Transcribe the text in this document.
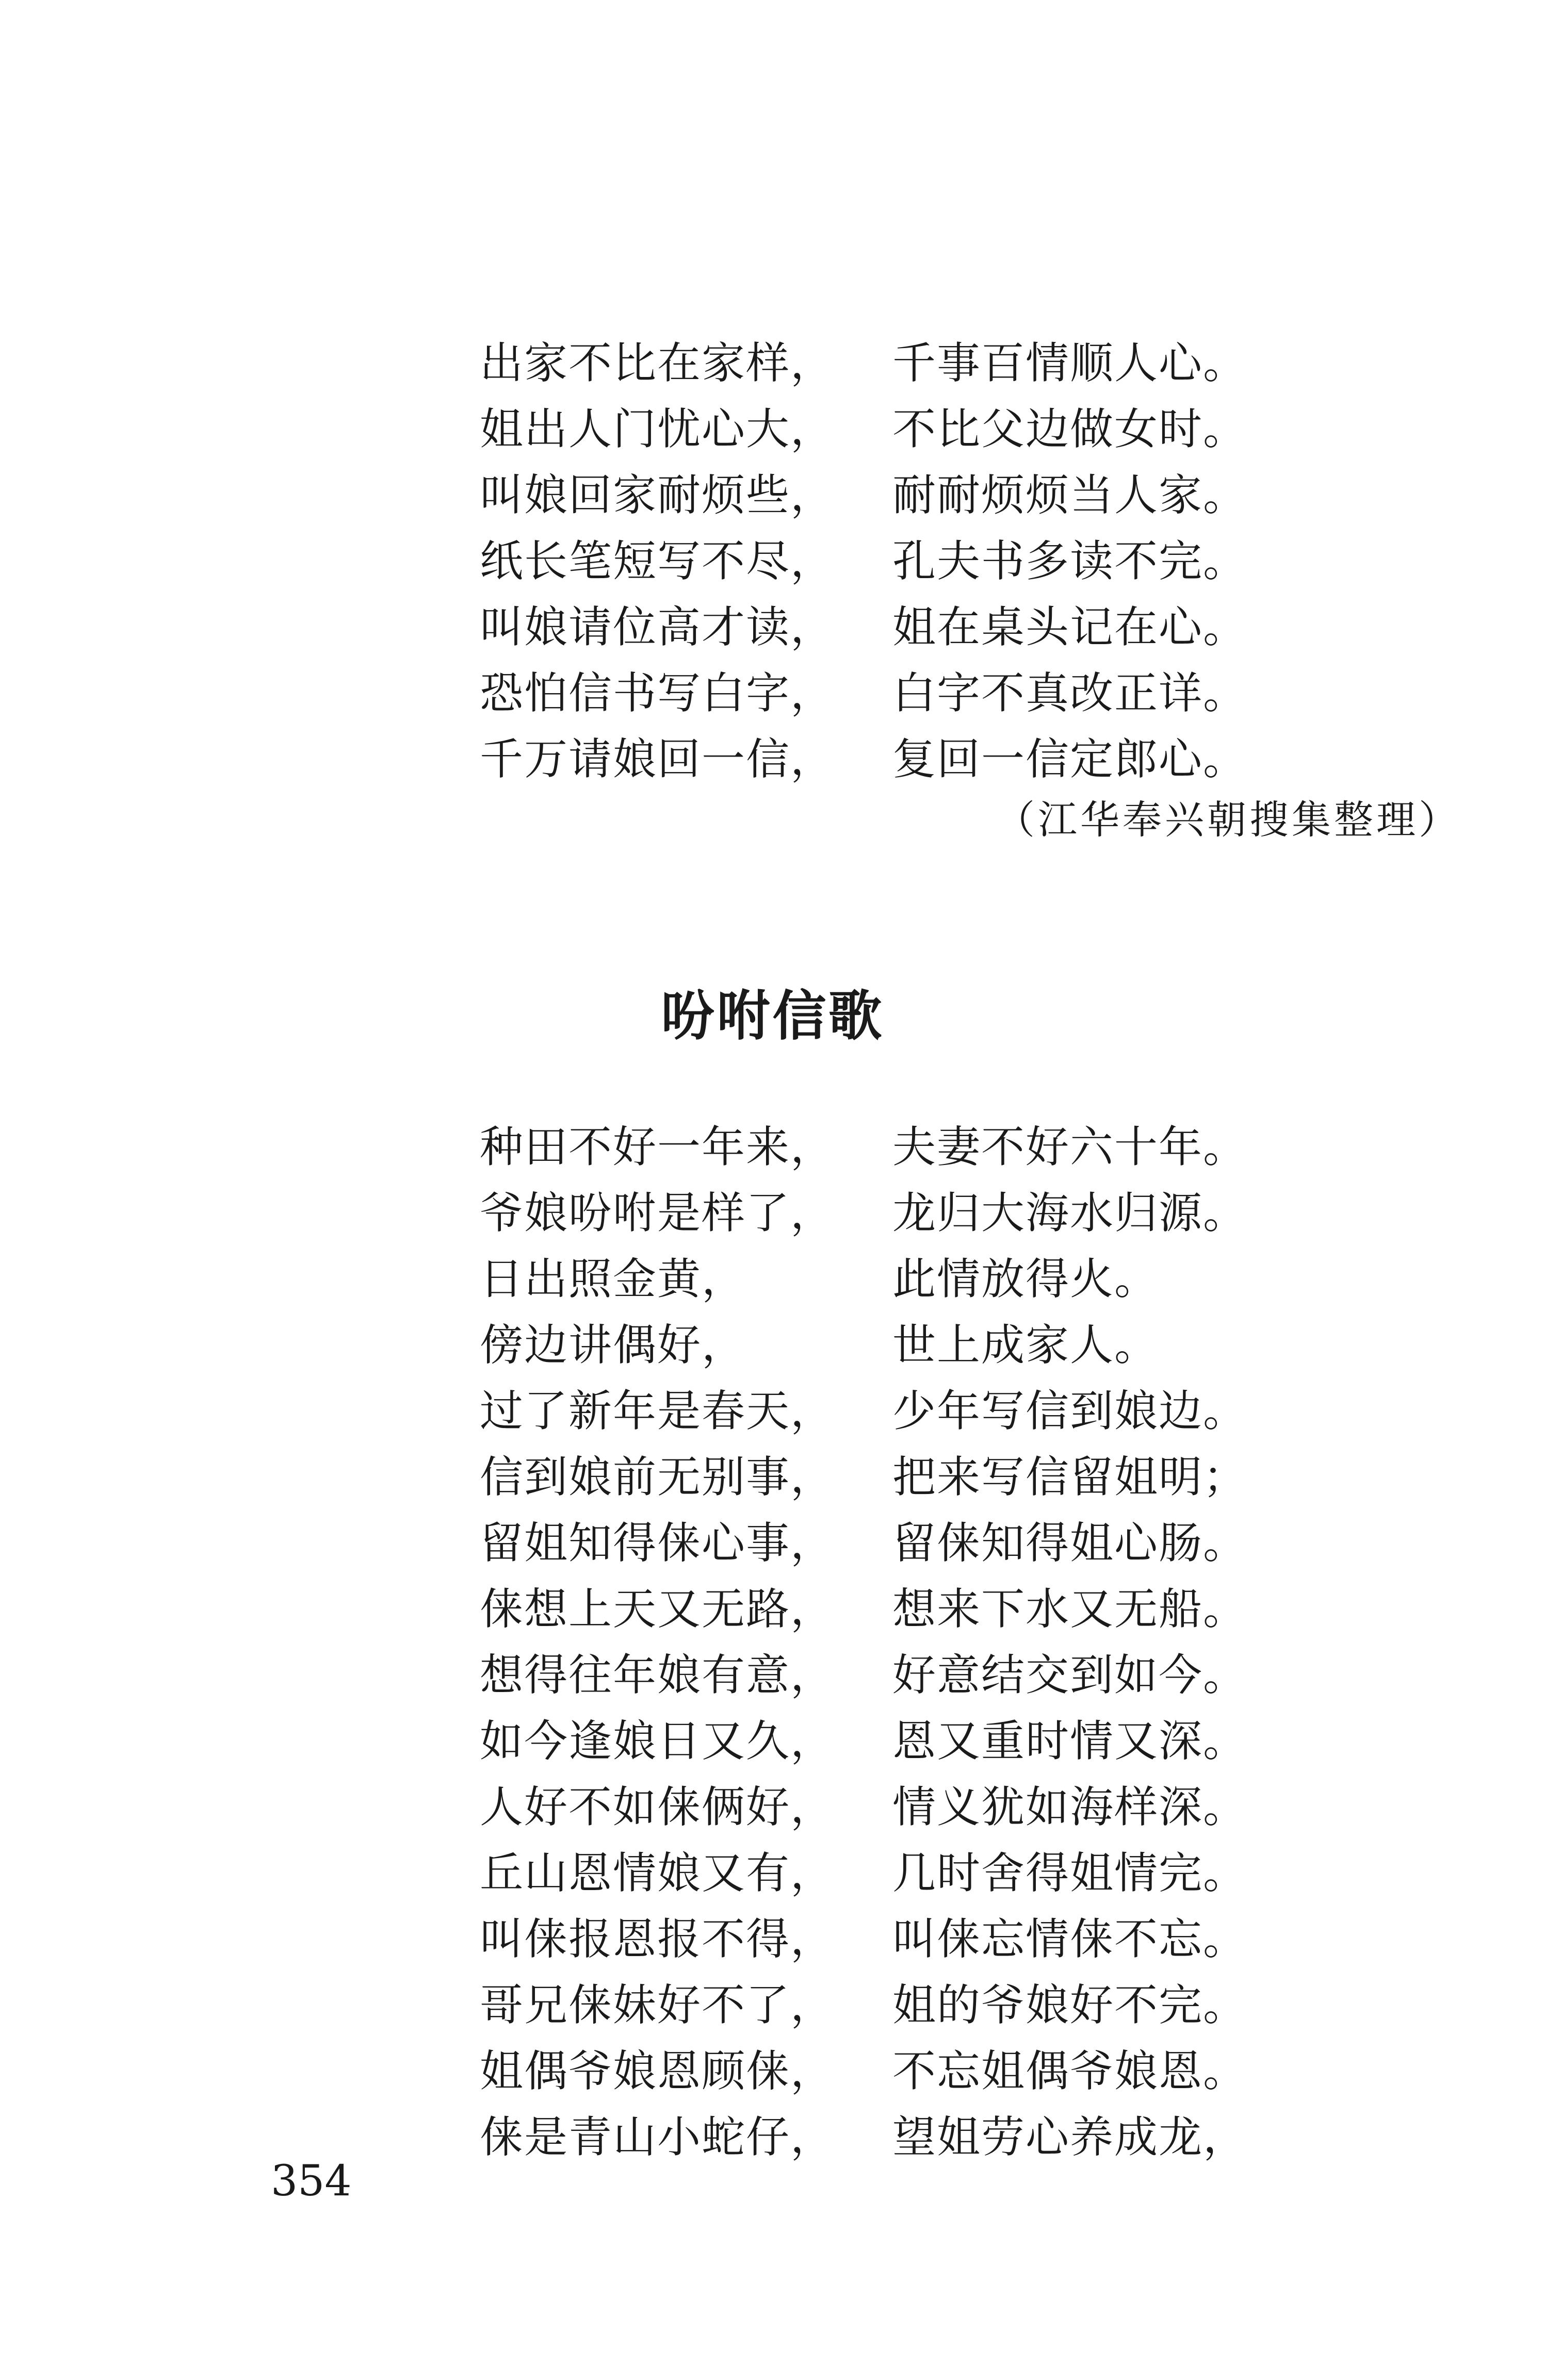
出家不比在家样， 千事百情顺人心。
姐出人门忧心大， 不比父边做女时。
叫娘回家耐烦些， 耐耐烦烦当人家。
纸长笔短写不尽， 孔夫书多读不完。
叫娘请位高才读， 姐在桌头记在心。
恐怕信书写白字， 白字不真改正详。
千万请娘回一信， 复回一信定郎心。
（江华奉兴朝搜集整理）
吩咐信歌
种田不好一年来， 夫妻不好六十年。
爷娘吩咐是样了， 龙归大海水归源。
日出照金黄，	此情放得火。
傍边讲偶好，	世上成家人。
过了新年是春天， 少年写信到娘边。
信到娘前无别事， 把来写信留姐明；
留姐知得俫心事， 留俫知得姐心肠。
俫想上天又无路， 想来下水又无船。
想得往年娘有意， 好意结交到如今。
如今逢娘日又久， 恩又重时情又深。
人好不如俫俩好， 情义犹如海样深。
丘山恩情娘又有， 几时舍得姐情完。
叫俫报恩报不得， 叫俫忘情俫不忘。
哥兄俫妹好不了， 姐的爷娘好不完。
姐偶爷娘恩顾俫， 不忘姐偶爷娘恩。
俫是青山小蛇仔， 望姐劳心养成龙，
354
